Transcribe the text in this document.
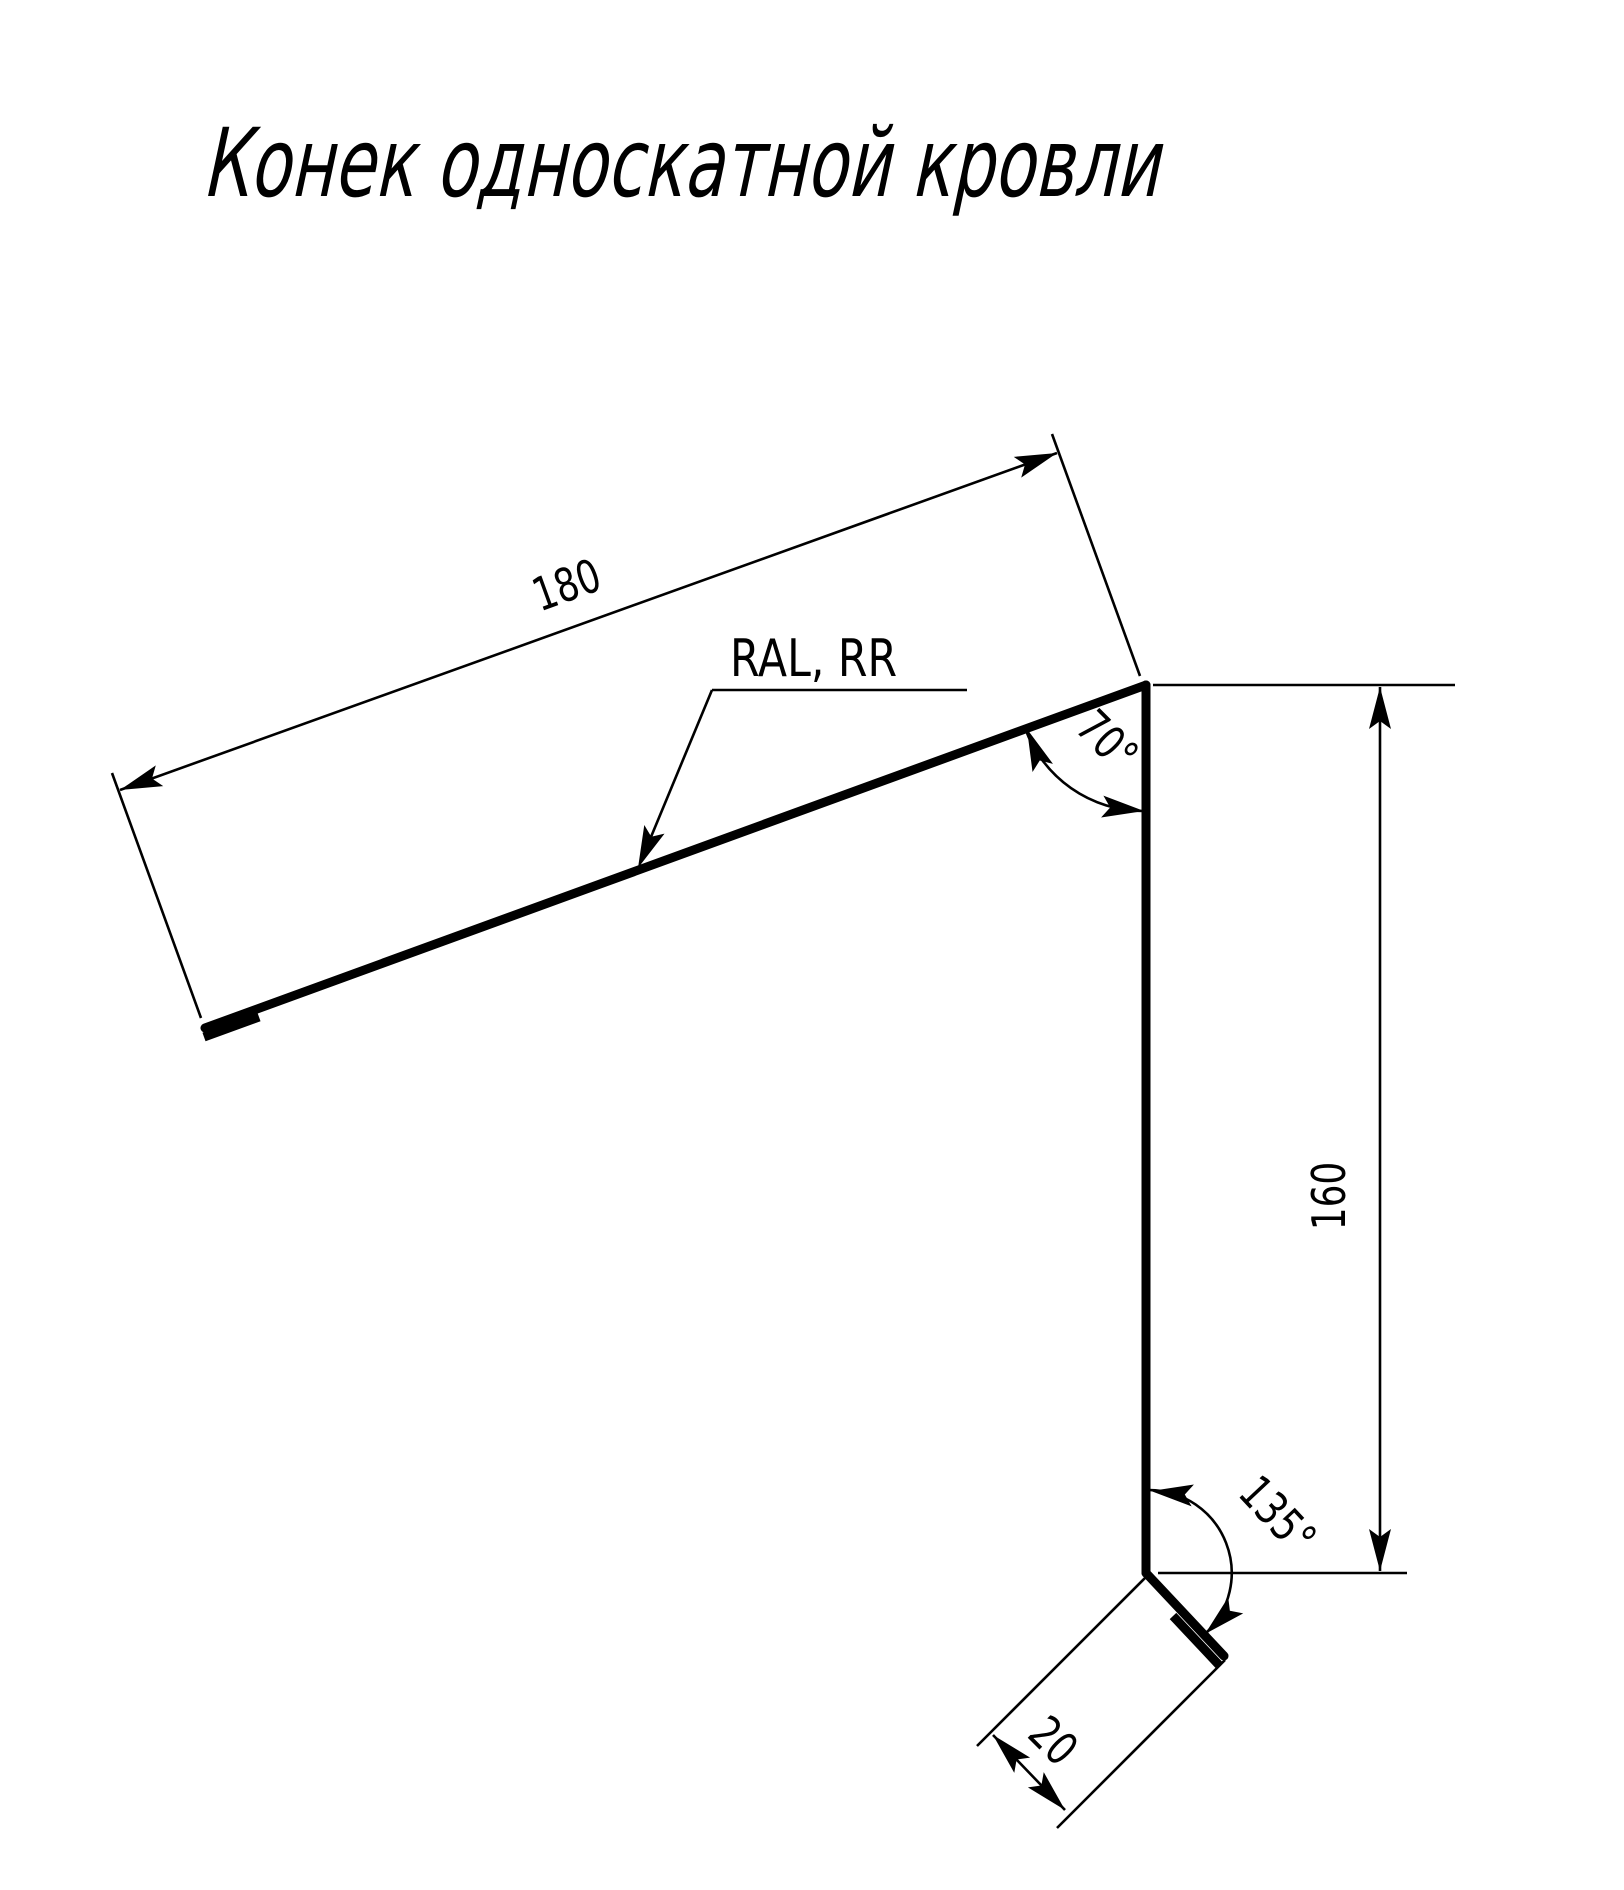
Конек односкатной кровли
180
RAL, RR
70°
160
135°
20
